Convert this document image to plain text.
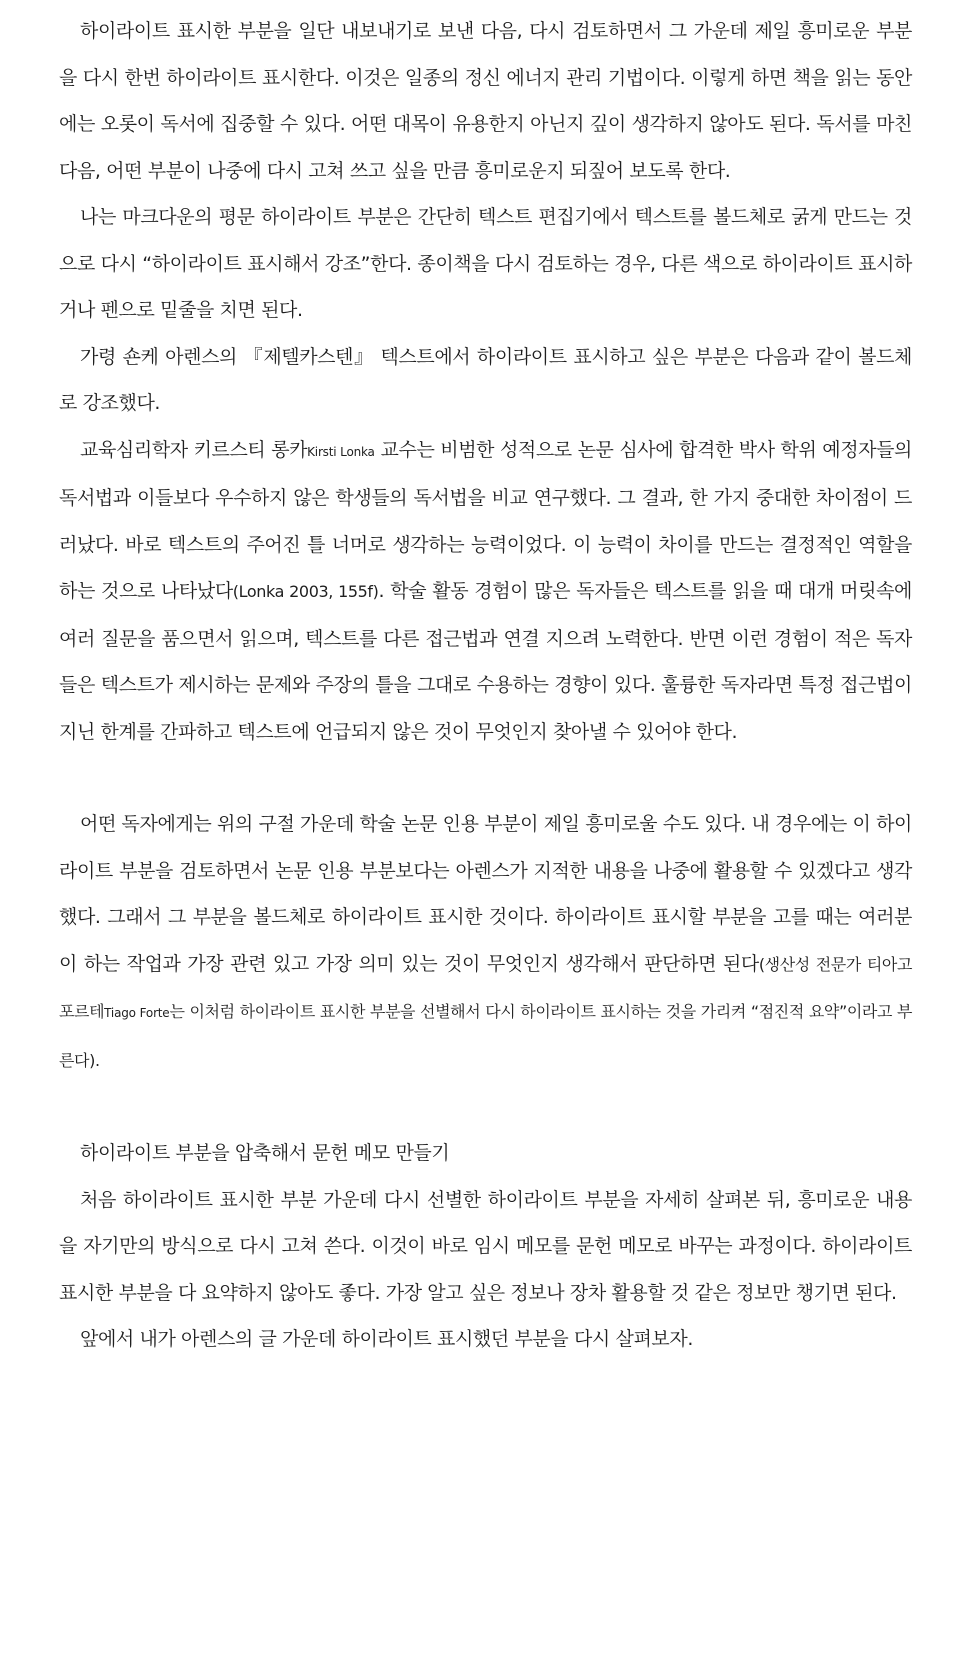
하이라이트 표시한 부분을 일단 내보내기로 보낸 다음, 다시 검토하면서 그 가운데 제일 흥미로운 부분을 다시 한번 하이라이트 표시한다. 이것은 일종의 정신 에너지 관리 기법이다. 이렇게 하면 책을 읽는 동안에는 오롯이 독서에 집중할 수 있다. 어떤 대목이 유용한지 아닌지 깊이 생각하지 않아도 된다. 독서를 마친 다음, 어떤 부분이 나중에 다시 고쳐 쓰고 싶을 만큼 흥미로운지 되짚어 보도록 한다.

나는 마크다운의 평문 하이라이트 부분은 간단히 텍스트 편집기에서 텍스트를 볼드체로 굵게 만드는 것으로 다시 “하이라이트 표시해서 강조”한다. 종이책을 다시 검토하는 경우, 다른 색으로 하이라이트 표시하거나 펜으로 밑줄을 치면 된다.

가령 숀케 아렌스의 『제텔카스텐』 텍스트에서 하이라이트 표시하고 싶은 부분은 다음과 같이 볼드체로 강조했다.

교육심리학자 키르스티 롱카Kirsti Lonka 교수는 비범한 성적으로 논문 심사에 합격한 박사 학위 예정자들의 독서법과 이들보다 우수하지 않은 학생들의 독서법을 비교 연구했다. 그 결과, 한 가지 중대한 차이점이 드러났다. 바로 텍스트의 주어진 틀 너머로 생각하는 능력이었다. 이 능력이 차이를 만드는 결정적인 역할을 하는 것으로 나타났다(Lonka 2003, 155f). 학술 활동 경험이 많은 독자들은 텍스트를 읽을 때 대개 머릿속에 여러 질문을 품으면서 읽으며, 텍스트를 다른 접근법과 연결 지으려 노력한다. 반면 이런 경험이 적은 독자들은 텍스트가 제시하는 문제와 주장의 틀을 그대로 수용하는 경향이 있다. 훌륭한 독자라면 특정 접근법이 지닌 한계를 간파하고 텍스트에 언급되지 않은 것이 무엇인지 찾아낼 수 있어야 한다.

어떤 독자에게는 위의 구절 가운데 학술 논문 인용 부분이 제일 흥미로울 수도 있다. 내 경우에는 이 하이라이트 부분을 검토하면서 논문 인용 부분보다는 아렌스가 지적한 내용을 나중에 활용할 수 있겠다고 생각했다. 그래서 그 부분을 볼드체로 하이라이트 표시한 것이다. 하이라이트 표시할 부분을 고를 때는 여러분이 하는 작업과 가장 관련 있고 가장 의미 있는 것이 무엇인지 생각해서 판단하면 된다(생산성 전문가 티아고 포르테Tiago Forte는 이처럼 하이라이트 표시한 부분을 선별해서 다시 하이라이트 표시하는 것을 가리켜 “점진적 요약”이라고 부른다).

하이라이트 부분을 압축해서 문헌 메모 만들기

처음 하이라이트 표시한 부분 가운데 다시 선별한 하이라이트 부분을 자세히 살펴본 뒤, 흥미로운 내용을 자기만의 방식으로 다시 고쳐 쓴다. 이것이 바로 임시 메모를 문헌 메모로 바꾸는 과정이다. 하이라이트 표시한 부분을 다 요약하지 않아도 좋다. 가장 알고 싶은 정보나 장차 활용할 것 같은 정보만 챙기면 된다.

앞에서 내가 아렌스의 글 가운데 하이라이트 표시했던 부분을 다시 살펴보자.
